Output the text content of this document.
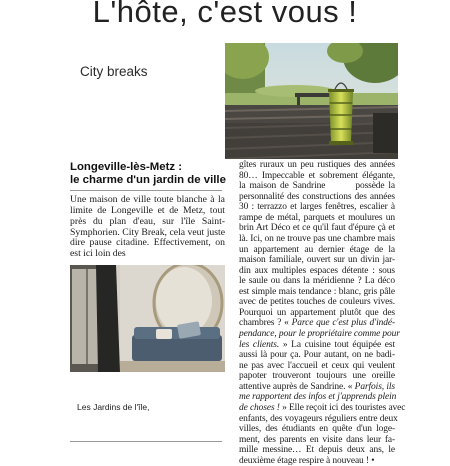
L'hôte, c'est vous !
City breaks
Longeville-lès-Metz :
le charme d'un jardin de ville
Une maison de ville toute blanche à la limite de Longeville et de Metz, tout près du plan d'eau, sur l'île Saint-Symphorien. City Break, cela veut juste dire pause citadine. Effectivement, on est ici loin des
Les Jardins de l'île,
gîtes ruraux un peu rustiques des années
80… Impeccable et sobrement élégante,
la maison de Sandrine	possède la
personnalité des constructions des années
30 : terrazzo et larges fenêtres, escalier à
rampe de métal, parquets et moulures un
brin Art Déco et ce qu'il faut d'épure çà et
là. Ici, on ne trouve pas une chambre mais
un appartement au dernier étage de la
maison familiale, ouvert sur un divin jar-
din aux multiples espaces détente : sous
le saule ou dans la méridienne ? La déco
est simple mais tendance : blanc, gris pâle
avec de petites touches de couleurs vives.
Pourquoi un appartement plutôt que des
chambres ? « Parce que c'est plus d'indé-
pendance, pour le propriétaire comme pour
les clients. » La cuisine tout équipée est
aussi là pour ça. Pour autant, on ne badi-
ne pas avec l'accueil et ceux qui veulent
papoter trouveront toujours une oreille
attentive auprès de Sandrine. « Parfois, ils
me rapportent des infos et j'apprends plein
de choses ! » Elle reçoit ici des touristes avec
enfants, des voyageurs réguliers entre deux
villes, des étudiants en quête d'un loge-
ment, des parents en visite dans leur fa-
mille messine… Et depuis deux ans, le
deuxième étage respire à nouveau ! •
